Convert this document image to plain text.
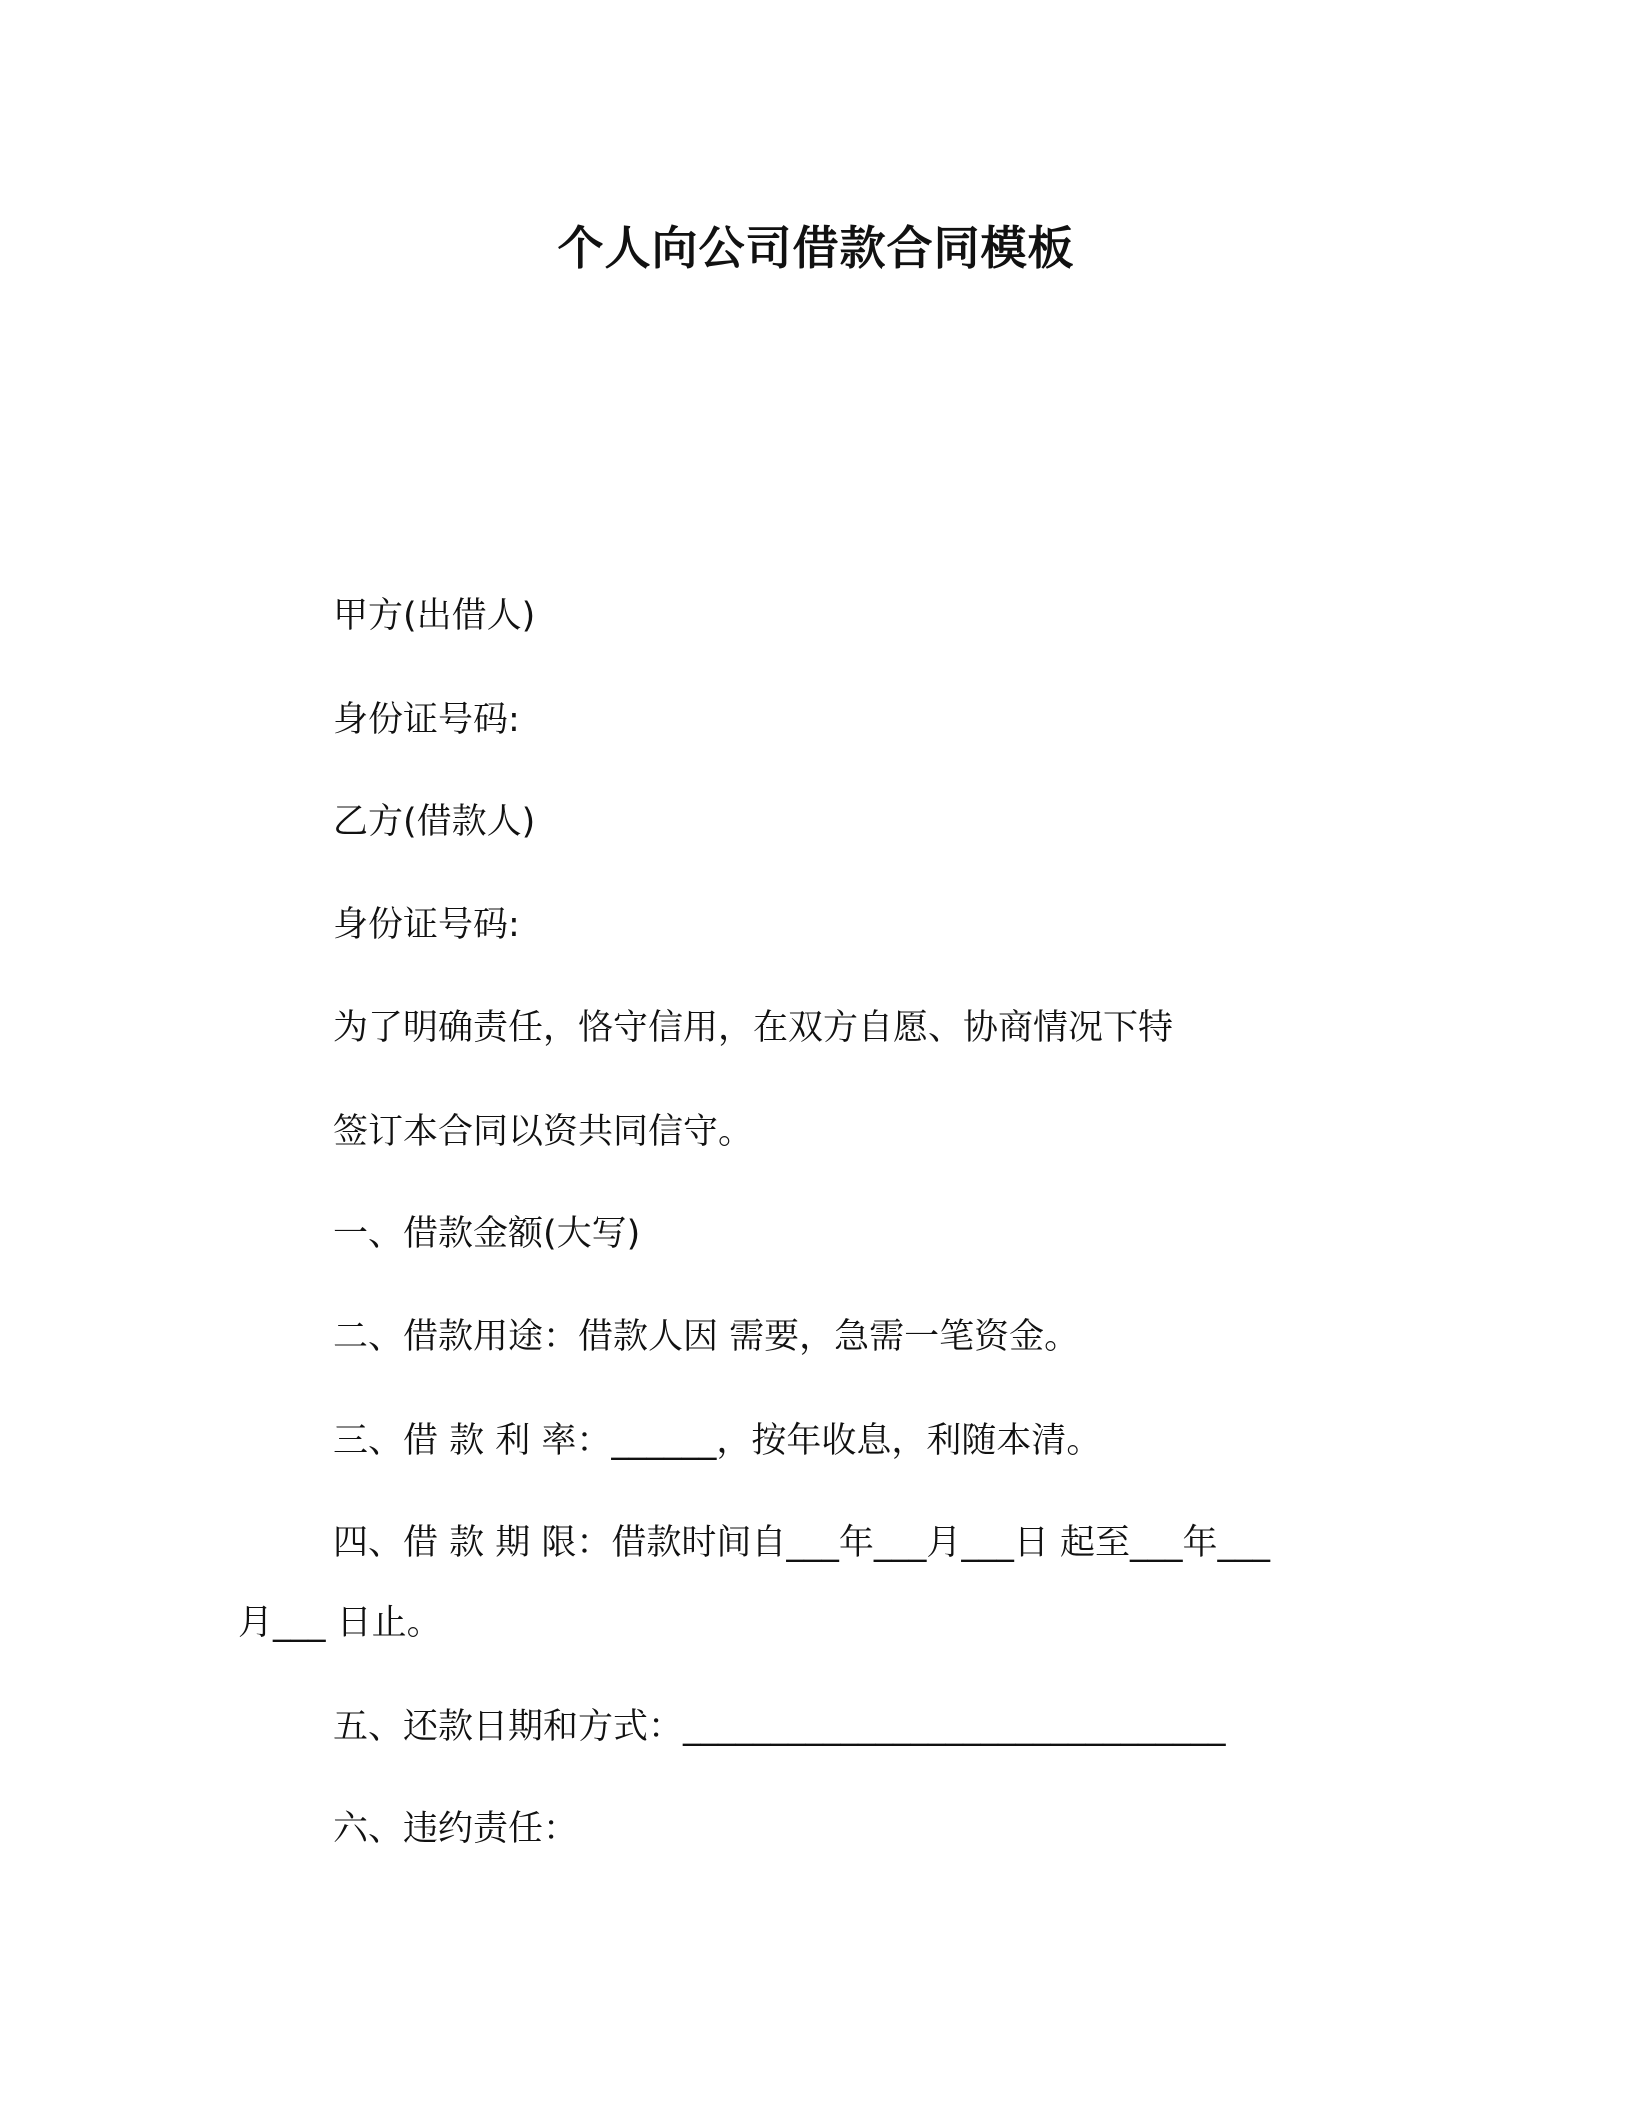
个人向公司借款合同模板
甲方(出借人)
身份证号码:
乙方(借款人)
身份证号码:
为了明确责任，恪守信用，在双方自愿、协商情况下特
签订本合同以资共同信守。
一、借款金额(大写)
二、借款用途：借款人因 需要，急需一笔资金。
三、借 款 利 率：______，按年收息，利随本清。
四、借 款 期 限：借款时间自___年___月___日 起至___年___
月___ 日止。
五、还款日期和方式：_______________________________
六、违约责任：
